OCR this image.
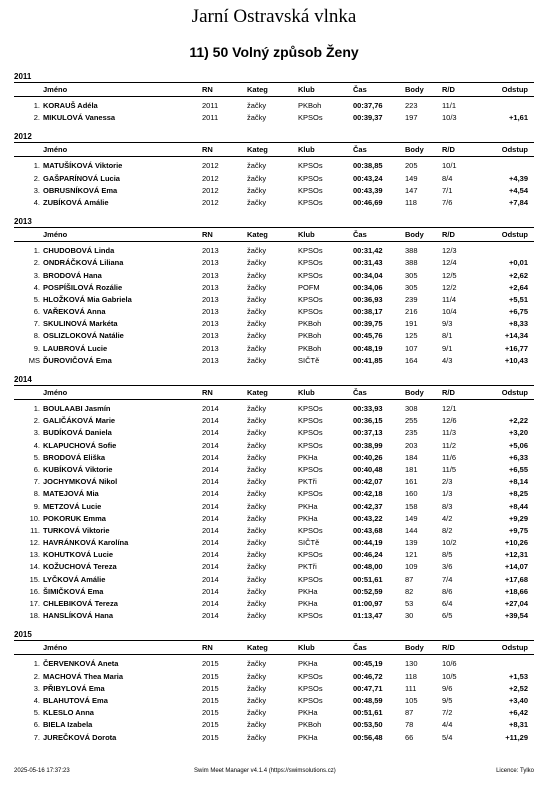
Jarní Ostravská vlnka
11) 50 Volný způsob Ženy
2011
Jméno	RN	Kateg	Klub	Čas	Body R/D	Odstup
1. KORAUŠ Adéla	2011	žačky	PKBoh	00:37,76	223	11/1
2. MIKULOVÁ Vanessa	2011	žačky	KPSOs	00:39,37	197	10/3	+1,61
2012
Jméno	RN	Kateg	Klub	Čas	Body R/D	Odstup
1. MATUŠÍKOVÁ Viktorie	2012	žačky	KPSOs	00:38,85	205	10/1
2. GAŠPARÍNOVÁ Lucia	2012	žačky	KPSOs	00:43,24	149	8/4	+4,39
3. OBRUSNÍKOVÁ Ema	2012	žačky	KPSOs	00:43,39	147	7/1	+4,54
4. ZUBÍKOVÁ Amálie	2012	žačky	KPSOs	00:46,69	118	7/6	+7,84
2013
Jméno	RN	Kateg	Klub	Čas	Body R/D	Odstup
1. CHUDOBOVÁ Linda	2013	žačky	KPSOs	00:31,42	388	12/3
2. ONDRÁČKOVÁ Liliana	2013	žačky	KPSOs	00:31,43	388	12/4	+0,01
3. BRODOVÁ Hana	2013	žačky	KPSOs	00:34,04	305	12/5	+2,62
4. POSPÍŠILOVÁ Rozálie	2013	žačky	POFM	00:34,06	305	12/2	+2,64
5. HLOŽKOVÁ Mia Gabriela	2013	žačky	KPSOs	00:36,93	239	11/4	+5,51
6. VAŘEKOVÁ Anna	2013	žačky	KPSOs	00:38,17	216	10/4	+6,75
7. SKULINOVÁ Markéta	2013	žačky	PKBoh	00:39,75	191	9/3	+8,33
8. OSLIZLOKOVÁ Natálie	2013	žačky	PKBoh	00:45,76	125	8/1	+14,34
9. LAUBROVÁ Lucie	2013	žačky	PKBoh	00:48,19	107	9/1	+16,77
MS ĎUROVIČOVÁ Ema	2013	žačky	SIČTě	00:41,85	164	4/3	+10,43
2014
Jméno	RN	Kateg	Klub	Čas	Body R/D	Odstup
1. BOULAABI Jasmín	2014	žačky	KPSOs	00:33,93	308	12/1
2. GALIČÁKOVÁ Marie	2014	žačky	KPSOs	00:36,15	255	12/6	+2,22
3. BUDÍKOVÁ Daniela	2014	žačky	KPSOs	00:37,13	235	11/3	+3,20
4. KLAPUCHOVÁ Sofie	2014	žačky	KPSOs	00:38,99	203	11/2	+5,06
5. BRODOVÁ Eliška	2014	žačky	PKHa	00:40,26	184	11/6	+6,33
6. KUBÍKOVÁ Viktorie	2014	žačky	KPSOs	00:40,48	181	11/5	+6,55
7. JOCHYMKOVÁ Nikol	2014	žačky	PKTři	00:42,07	161	2/3	+8,14
8. MATEJOVÁ Mia	2014	žačky	KPSOs	00:42,18	160	1/3	+8,25
9. METZOVÁ Lucie	2014	žačky	PKHa	00:42,37	158	8/3	+8,44
10. POKORUK Emma	2014	žačky	PKHa	00:43,22	149	4/2	+9,29
11. TURKOVÁ Viktorie	2014	žačky	KPSOs	00:43,68	144	8/2	+9,75
12. HAVRÁNKOVÁ Karolína	2014	žačky	SIČTě	00:44,19	139	10/2	+10,26
13. KOHUTKOVÁ Lucie	2014	žačky	KPSOs	00:46,24	121	8/5	+12,31
14. KOŽUCHOVÁ Tereza	2014	žačky	PKTři	00:48,00	109	3/6	+14,07
15. LYČKOVÁ Amálie	2014	žačky	KPSOs	00:51,61	87	7/4	+17,68
16. ŠIMIČKOVÁ Ema	2014	žačky	PKHa	00:52,59	82	8/6	+18,66
17. CHLEBIKOVÁ Tereza	2014	žačky	PKHa	01:00,97	53	6/4	+27,04
18. HANSLÍKOVÁ Hana	2014	žačky	KPSOs	01:13,47	30	6/5	+39,54
2015
Jméno	RN	Kateg	Klub	Čas	Body R/D	Odstup
1. ČERVENKOVÁ Aneta	2015	žačky	PKHa	00:45,19	130	10/6
2. MACHOVÁ Thea Maria	2015	žačky	KPSOs	00:46,72	118	10/5	+1,53
3. PŘIBYLOVÁ Ema	2015	žačky	KPSOs	00:47,71	111	9/6	+2,52
4. BLAHUTOVÁ Ema	2015	žačky	KPSOs	00:48,59	105	9/5	+3,40
5. KLESLO Anna	2015	žačky	PKHa	00:51,61	87	7/2	+6,42
6. BIELA Izabela	2015	žačky	PKBoh	00:53,50	78	4/4	+8,31
7. JUREČKOVÁ Dorota	2015	žačky	PKHa	00:56,48	66	5/4	+11,29
2025-05-16 17:37:23	Swim Meet Manager v4.1.4 (https://swimsolutions.cz)	Licence: Tylko
